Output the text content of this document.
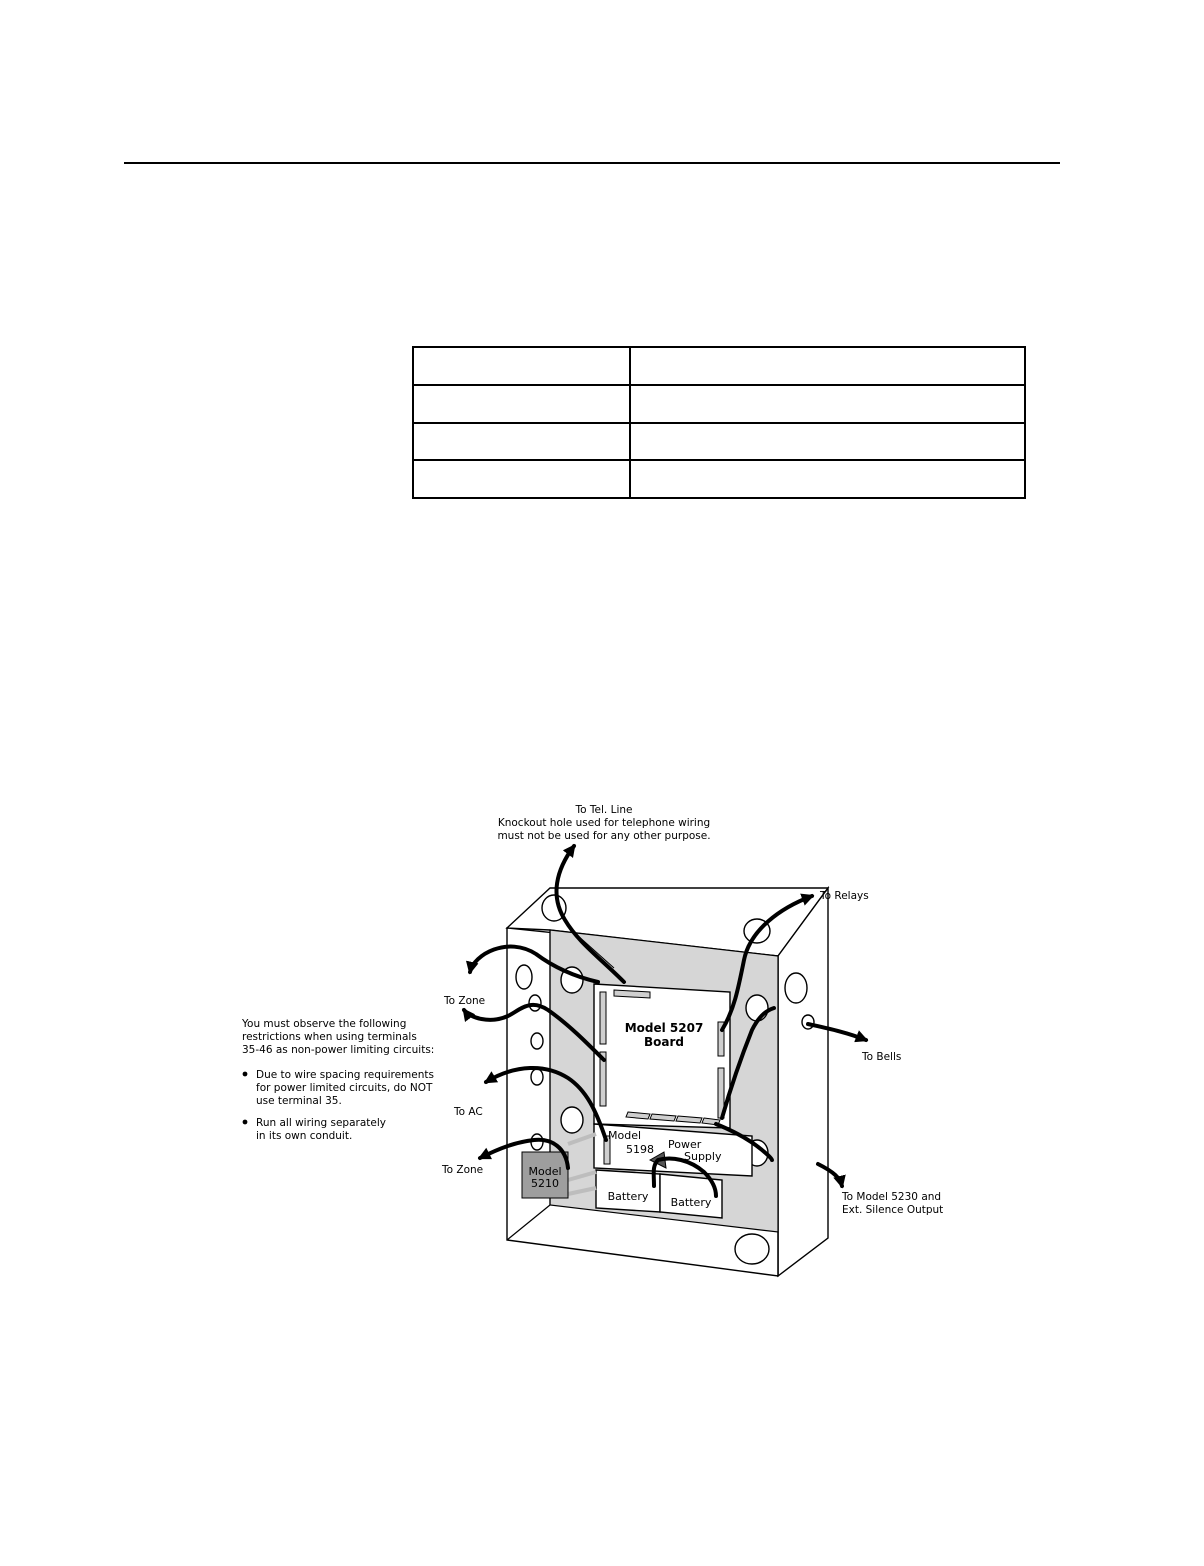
Model 5207
Board
Model
5198 Power
Supply
Battery Battery
Model
5210
To Tel. Line
Knockout hole used for telephone wiring
must not be used for any other purpose.
To Relays
To Bells
To Zone
To AC
To Zone
To Model 5230 and
Ext. Silence Output
You must observe the following
restrictions when using terminals
35-46 as non-power limiting circuits:
Due to wire spacing requirements
for power limited circuits, do NOT
use terminal 35.
Run all wiring separately
in its own conduit.
